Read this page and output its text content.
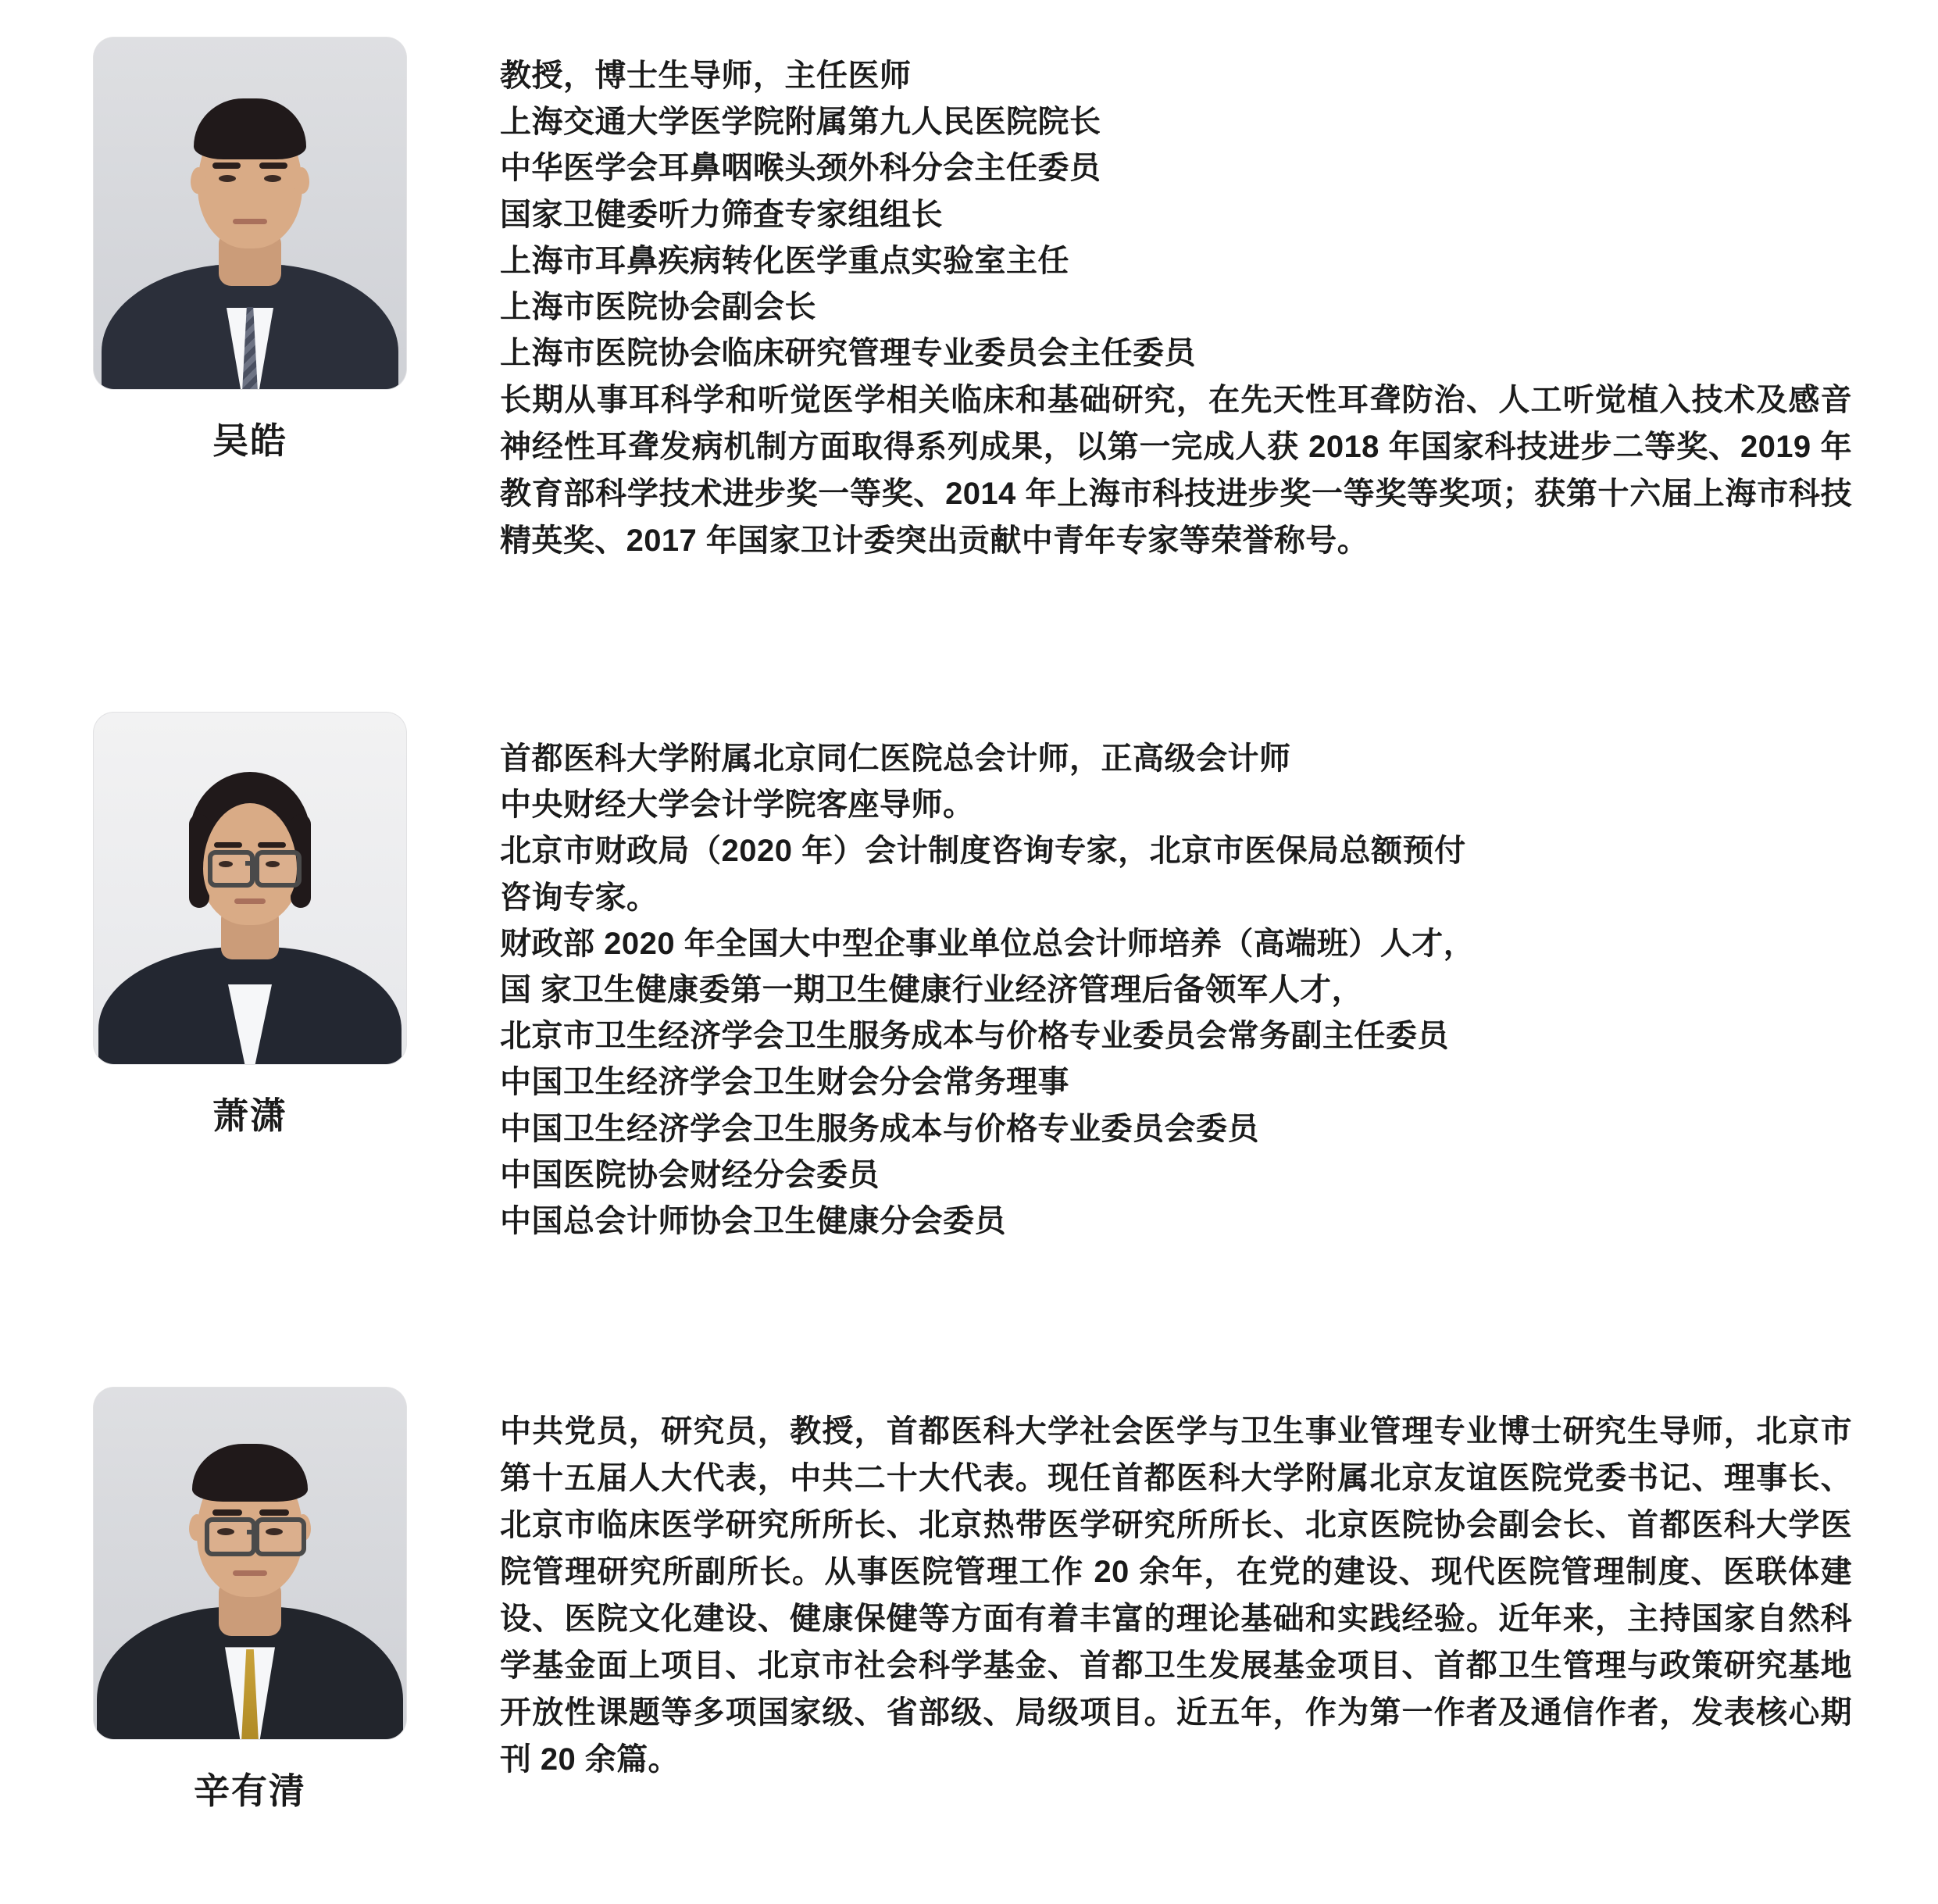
吴皓
教授，博士生导师，主任医师
上海交通大学医学院附属第九人民医院院长
中华医学会耳鼻咽喉头颈外科分会主任委员
国家卫健委听力筛查专家组组长
上海市耳鼻疾病转化医学重点实验室主任
上海市医院协会副会长
上海市医院协会临床研究管理专业委员会主任委员
长期从事耳科学和听觉医学相关临床和基础研究，在先天性耳聋防治、人工听觉植入技术及感音神经性耳聋发病机制方面取得系列成果，以第一完成人获 2018 年国家科技进步二等奖、2019 年教育部科学技术进步奖一等奖、2014 年上海市科技进步奖一等奖等奖项；获第十六届上海市科技精英奖、2017 年国家卫计委突出贡献中青年专家等荣誉称号。
萧潇
首都医科大学附属北京同仁医院总会计师，正高级会计师
中央财经大学会计学院客座导师。
北京市财政局（2020 年）会计制度咨询专家，北京市医保局总额预付
咨询专家。
财政部 2020 年全国大中型企事业单位总会计师培养（高端班）人才，
国 家卫生健康委第一期卫生健康行业经济管理后备领军人才，
北京市卫生经济学会卫生服务成本与价格专业委员会常务副主任委员
中国卫生经济学会卫生财会分会常务理事
中国卫生经济学会卫生服务成本与价格专业委员会委员
中国医院协会财经分会委员
中国总会计师协会卫生健康分会委员
辛有清
中共党员，研究员，教授，首都医科大学社会医学与卫生事业管理专业博士研究生导师，北京市第十五届人大代表，中共二十大代表。现任首都医科大学附属北京友谊医院党委书记、理事长、北京市临床医学研究所所长、北京热带医学研究所所长、北京医院协会副会长、首都医科大学医院管理研究所副所长。从事医院管理工作 20 余年，在党的建设、现代医院管理制度、医联体建设、医院文化建设、健康保健等方面有着丰富的理论基础和实践经验。近年来，主持国家自然科学基金面上项目、北京市社会科学基金、首都卫生发展基金项目、首都卫生管理与政策研究基地开放性课题等多项国家级、省部级、局级项目。近五年，作为第一作者及通信作者，发表核心期刊 20 余篇。
